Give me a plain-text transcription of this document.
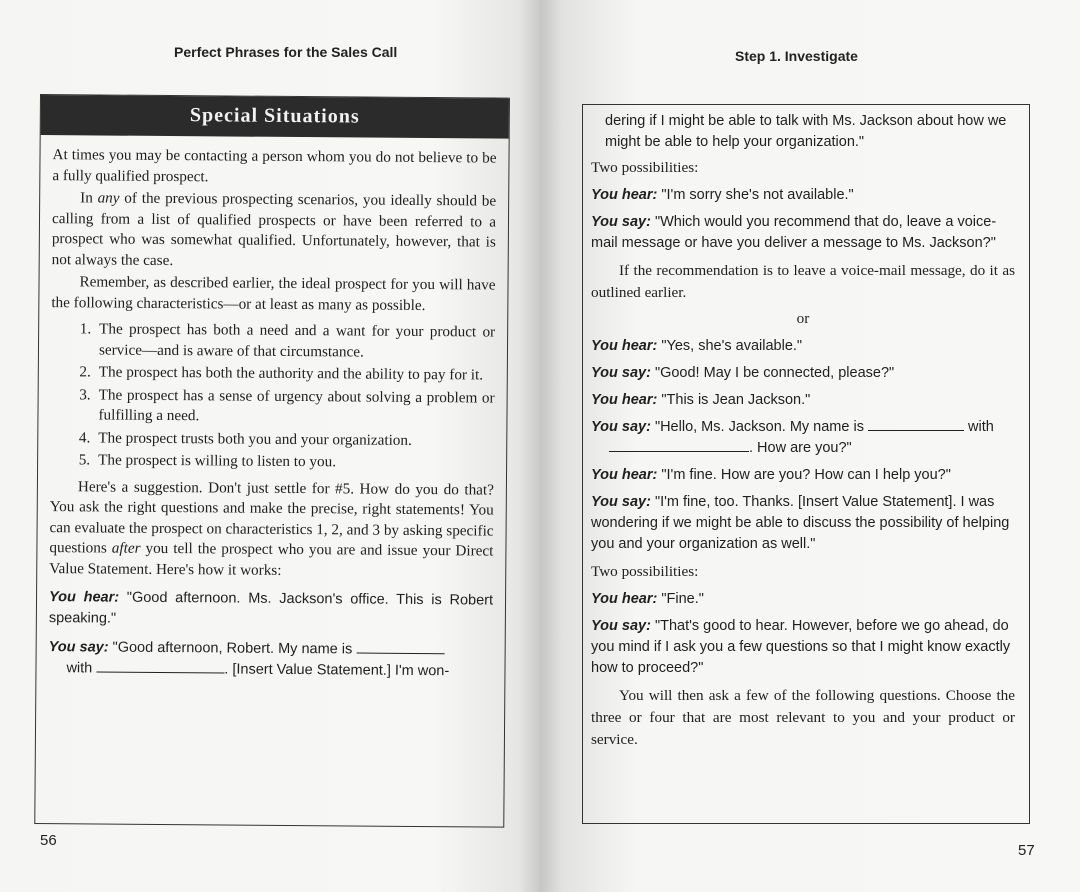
Perfect Phrases for the Sales Call
Special Situations

At times you may be contacting a person whom you do not believe to be a fully qualified prospect.

In any of the previous prospecting scenarios, you ideally should be calling from a list of qualified prospects or have been referred to a prospect who was somewhat qualified. Unfortunately, however, that is not always the case.

Remember, as described earlier, the ideal prospect for you will have the following characteristics—or at least as many as possible.

1. The prospect has both a need and a want for your product or service—and is aware of that circumstance.
2. The prospect has both the authority and the ability to pay for it.
3. The prospect has a sense of urgency about solving a problem or fulfilling a need.
4. The prospect trusts both you and your organization.
5. The prospect is willing to listen to you.

Here's a suggestion. Don't just settle for #5. How do you do that? You ask the right questions and make the precise, right statements! You can evaluate the prospect on characteristics 1, 2, and 3 by asking specific questions after you tell the prospect who you are and issue your Direct Value Statement. Here's how it works:

You hear: "Good afternoon. Ms. Jackson's office. This is Robert speaking."

You say: "Good afternoon, Robert. My name is
with	. [Insert Value Statement.] I'm won-

56
Step 1. Investigate

dering if I might be able to talk with Ms. Jackson about how we might be able to help your organization."

Two possibilities:

You hear: "I'm sorry she's not available."

You say: "Which would you recommend that do, leave a voice-mail message or have you deliver a message to Ms. Jackson?"

If the recommendation is to leave a voice-mail message, do it as outlined earlier.

or

You hear: "Yes, she's available."

You say: "Good! May I be connected, please?"

You hear: "This is Jean Jackson."

You say: "Hello, Ms. Jackson. My name is	with
. How are you?"

You hear: "I'm fine. How are you? How can I help you?"

You say: "I'm fine, too. Thanks. [Insert Value Statement]. I was wondering if we might be able to discuss the possibility of helping you and your organization as well."

Two possibilities:

You hear: "Fine."

You say: "That's good to hear. However, before we go ahead, do you mind if I ask you a few questions so that I might know exactly how to proceed?"

You will then ask a few of the following questions. Choose the three or four that are most relevant to you and your product or service.

57
